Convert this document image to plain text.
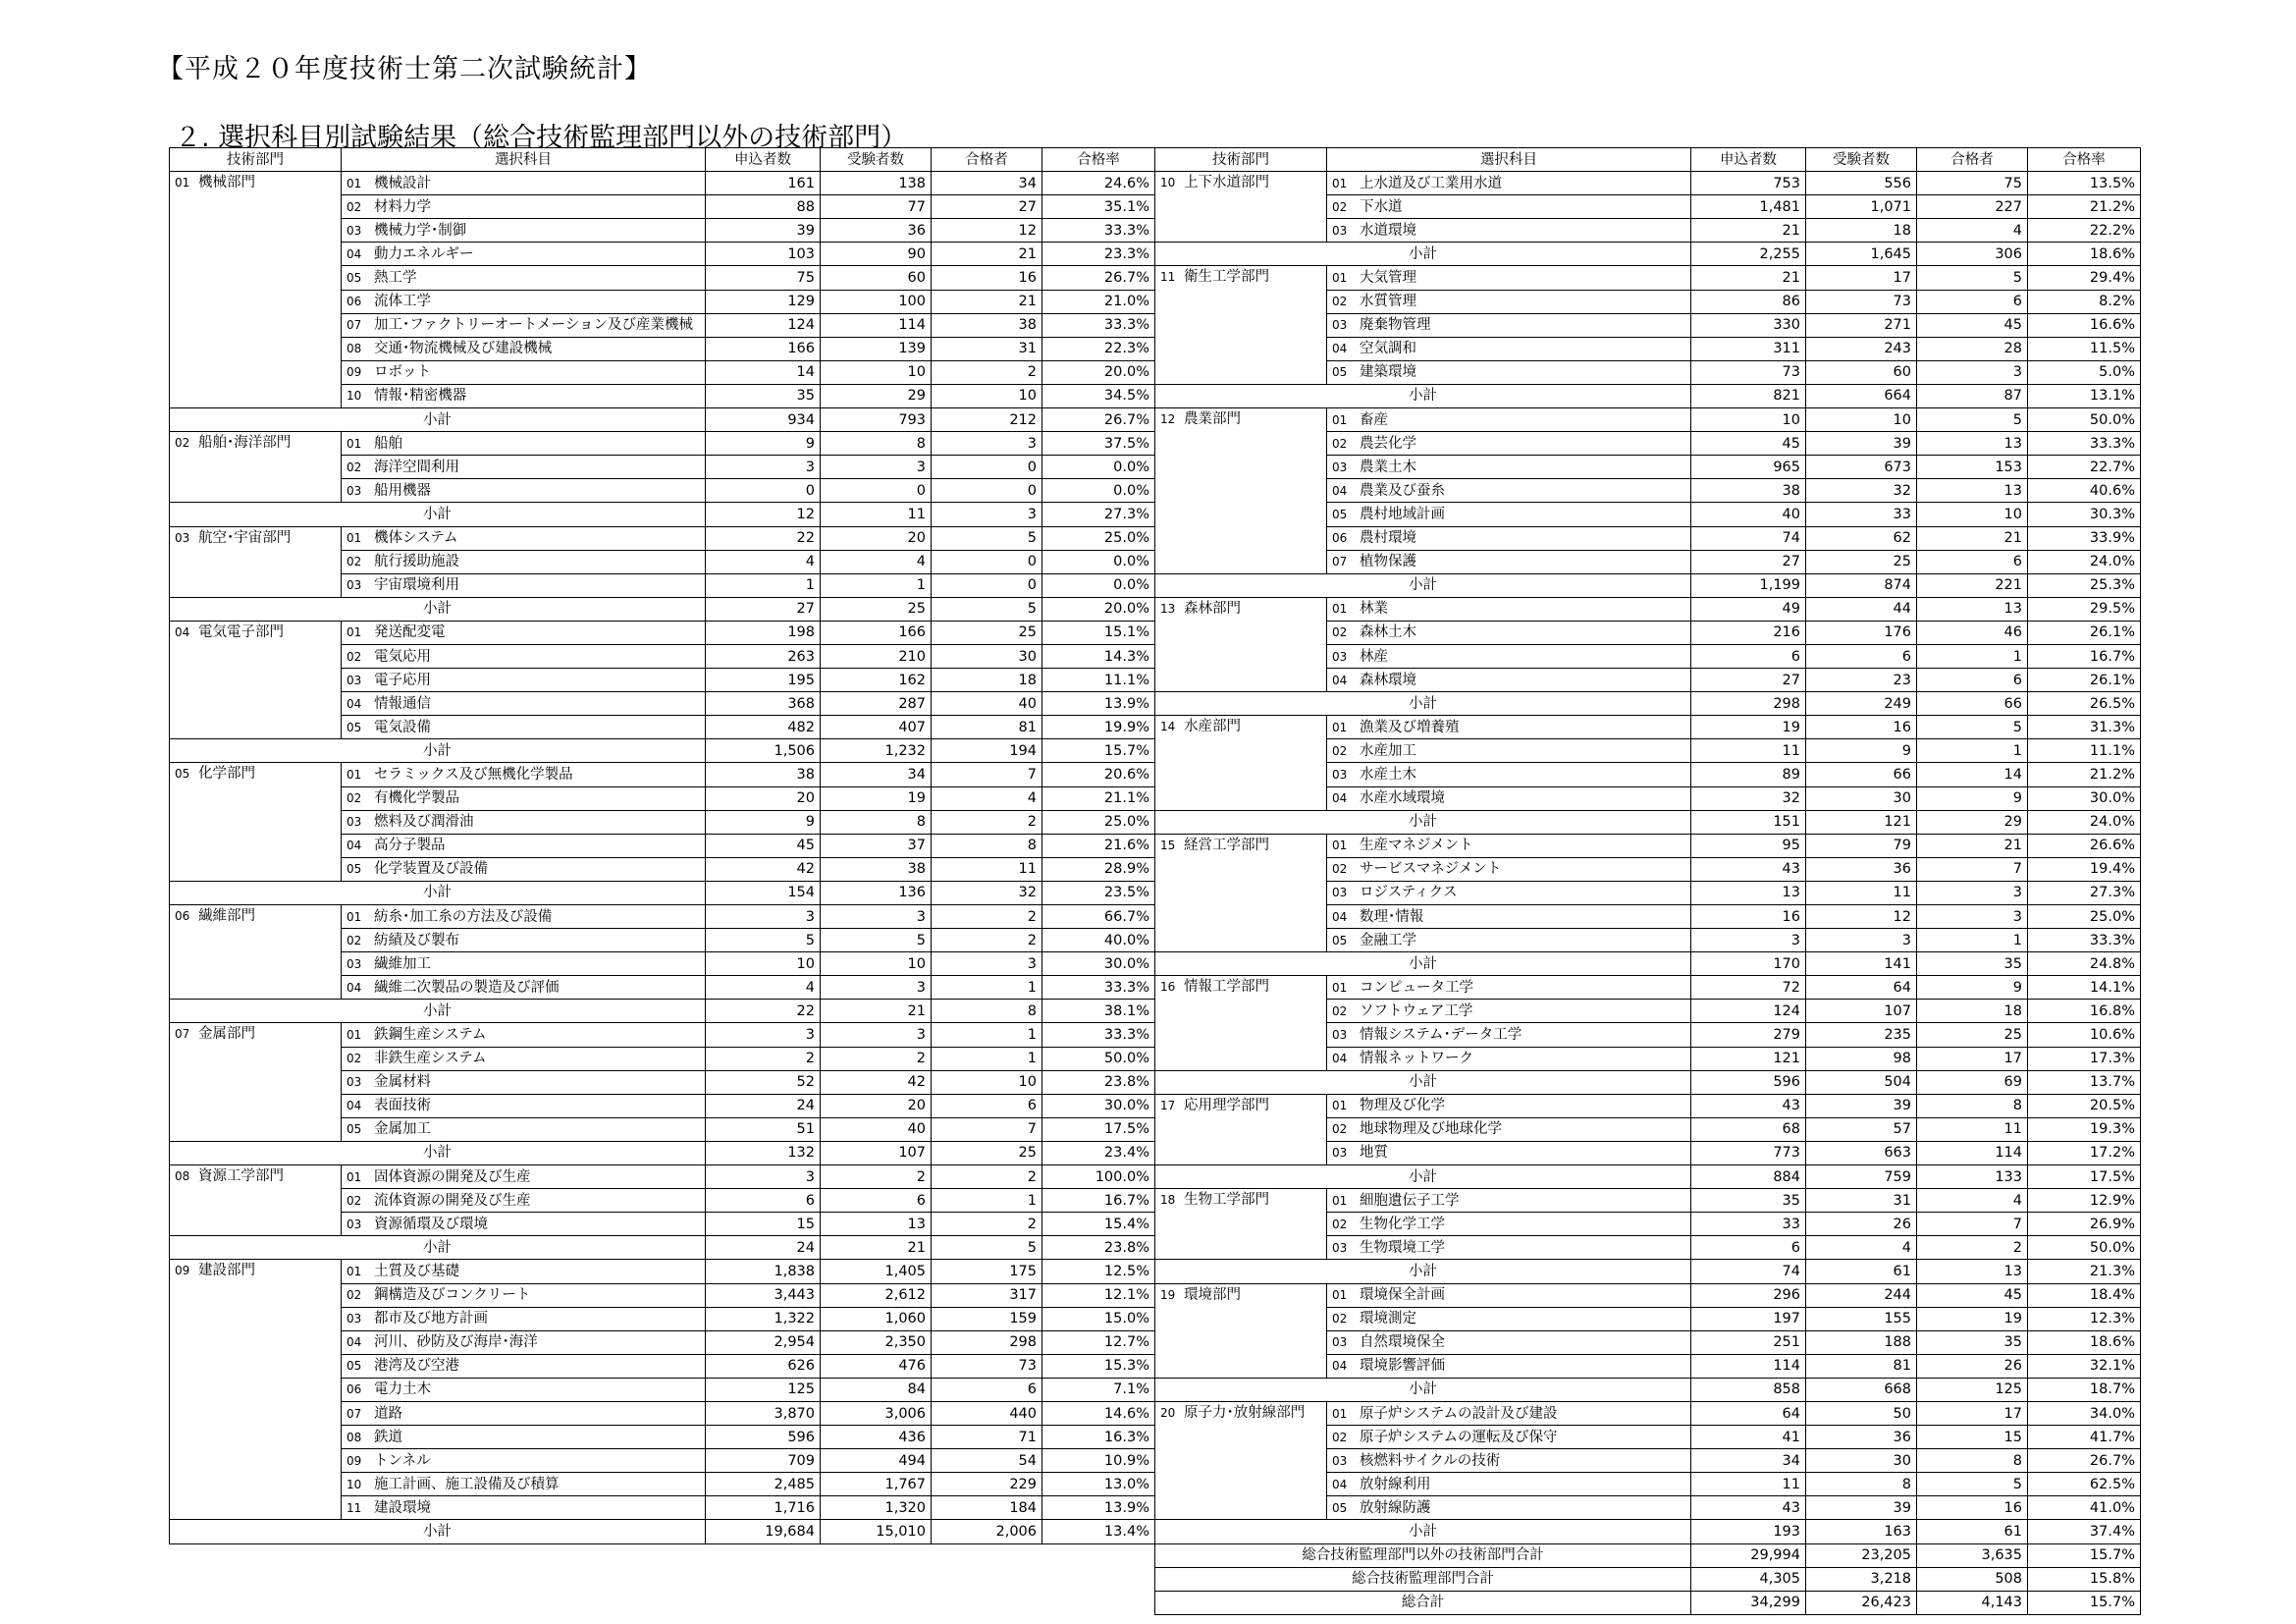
【平成２０年度技術士第二次試験統計】
２. 選択科目別試験結果（総合技術監理部門以外の技術部門）
技術部門	選択科目	申込者数	受験者数	合格者	合格率
01 機械部門	01 機械設計	161	138	34	24.6%
	02 材料力学	88	77	27	35.1%
	03 機械力学･制御	39	36	12	33.3%
	04 動力エネルギー	103	90	21	23.3%
	05 熱工学	75	60	16	26.7%
	06 流体工学	129	100	21	21.0%
	07 加工･ファクトリーオートメーション及び産業機械	124	114	38	33.3%
	08 交通･物流機械及び建設機械	166	139	31	22.3%
	09 ロボット	14	10	2	20.0%
	10 情報･精密機器	35	29	10	34.5%
小計		934	793	212	26.7%
02 船舶･海洋部門	01 船舶	9	8	3	37.5%
	02 海洋空間利用	3	3	0	0.0%
	03 船用機器	0	0	0	0.0%
小計		12	11	3	27.3%
03 航空･宇宙部門	01 機体システム	22	20	5	25.0%
	02 航行援助施設	4	4	0	0.0%
	03 宇宙環境利用	1	1	0	0.0%
小計		27	25	5	20.0%
04 電気電子部門	01 発送配変電	198	166	25	15.1%
	02 電気応用	263	210	30	14.3%
	03 電子応用	195	162	18	11.1%
	04 情報通信	368	287	40	13.9%
	05 電気設備	482	407	81	19.9%
小計		1,506	1,232	194	15.7%
05 化学部門	01 セラミックス及び無機化学製品	38	34	7	20.6%
	02 有機化学製品	20	19	4	21.1%
	03 燃料及び潤滑油	9	8	2	25.0%
	04 高分子製品	45	37	8	21.6%
	05 化学装置及び設備	42	38	11	28.9%
小計		154	136	32	23.5%
06 繊維部門	01 紡糸･加工糸の方法及び設備	3	3	2	66.7%
	02 紡績及び製布	5	5	2	40.0%
	03 繊維加工	10	10	3	30.0%
	04 繊維二次製品の製造及び評価	4	3	1	33.3%
小計		22	21	8	38.1%
07 金属部門	01 鉄鋼生産システム	3	3	1	33.3%
	02 非鉄生産システム	2	2	1	50.0%
	03 金属材料	52	42	10	23.8%
	04 表面技術	24	20	6	30.0%
	05 金属加工	51	40	7	17.5%
小計		132	107	25	23.4%
08 資源工学部門	01 固体資源の開発及び生産	3	2	2	100.0%
	02 流体資源の開発及び生産	6	6	1	16.7%
	03 資源循環及び環境	15	13	2	15.4%
小計		24	21	5	23.8%
09 建設部門	01 土質及び基礎	1,838	1,405	175	12.5%
	02 鋼構造及びコンクリート	3,443	2,612	317	12.1%
	03 都市及び地方計画	1,322	1,060	159	15.0%
	04 河川、砂防及び海岸･海洋	2,954	2,350	298	12.7%
	05 港湾及び空港	626	476	73	15.3%
	06 電力土木	125	84	6	7.1%
	07 道路	3,870	3,006	440	14.6%
	08 鉄道	596	436	71	16.3%
	09 トンネル	709	494	54	10.9%
	10 施工計画、施工設備及び積算	2,485	1,767	229	13.0%
	11 建設環境	1,716	1,320	184	13.9%
小計		19,684	15,010	2,006	13.4%
技術部門	選択科目	申込者数	受験者数	合格者	合格率
10 上下水道部門	01 上水道及び工業用水道	753	556	75	13.5%
	02 下水道	1,481	1,071	227	21.2%
	03 水道環境	21	18	4	22.2%
小計		2,255	1,645	306	18.6%
11 衛生工学部門	01 大気管理	21	17	5	29.4%
	02 水質管理	86	73	6	8.2%
	03 廃棄物管理	330	271	45	16.6%
	04 空気調和	311	243	28	11.5%
	05 建築環境	73	60	3	5.0%
小計		821	664	87	13.1%
12 農業部門	01 畜産	10	10	5	50.0%
	02 農芸化学	45	39	13	33.3%
	03 農業土木	965	673	153	22.7%
	04 農業及び蚕糸	38	32	13	40.6%
	05 農村地域計画	40	33	10	30.3%
	06 農村環境	74	62	21	33.9%
	07 植物保護	27	25	6	24.0%
小計		1,199	874	221	25.3%
13 森林部門	01 林業	49	44	13	29.5%
	02 森林土木	216	176	46	26.1%
	03 林産	6	6	1	16.7%
	04 森林環境	27	23	6	26.1%
小計		298	249	66	26.5%
14 水産部門	01 漁業及び増養殖	19	16	5	31.3%
	02 水産加工	11	9	1	11.1%
	03 水産土木	89	66	14	21.2%
	04 水産水域環境	32	30	9	30.0%
小計		151	121	29	24.0%
15 経営工学部門	01 生産マネジメント	95	79	21	26.6%
	02 サービスマネジメント	43	36	7	19.4%
	03 ロジスティクス	13	11	3	27.3%
	04 数理･情報	16	12	3	25.0%
	05 金融工学	3	3	1	33.3%
小計		170	141	35	24.8%
16 情報工学部門	01 コンピュータ工学	72	64	9	14.1%
	02 ソフトウェア工学	124	107	18	16.8%
	03 情報システム･データ工学	279	235	25	10.6%
	04 情報ネットワーク	121	98	17	17.3%
小計		596	504	69	13.7%
17 応用理学部門	01 物理及び化学	43	39	8	20.5%
	02 地球物理及び地球化学	68	57	11	19.3%
	03 地質	773	663	114	17.2%
小計		884	759	133	17.5%
18 生物工学部門	01 細胞遺伝子工学	35	31	4	12.9%
	02 生物化学工学	33	26	7	26.9%
	03 生物環境工学	6	4	2	50.0%
小計		74	61	13	21.3%
19 環境部門	01 環境保全計画	296	244	45	18.4%
	02 環境測定	197	155	19	12.3%
	03 自然環境保全	251	188	35	18.6%
	04 環境影響評価	114	81	26	32.1%
小計		858	668	125	18.7%
20 原子力･放射線部門	01 原子炉システムの設計及び建設	64	50	17	34.0%
	02 原子炉システムの運転及び保守	41	36	15	41.7%
	03 核燃料サイクルの技術	34	30	8	26.7%
	04 放射線利用	11	8	5	62.5%
	05 放射線防護	43	39	16	41.0%
小計		193	163	61	37.4%
総合技術監理部門以外の技術部門合計		29,994	23,205	3,635	15.7%
総合技術監理部門合計		4,305	3,218	508	15.8%
総合計		34,299	26,423	4,143	15.7%
